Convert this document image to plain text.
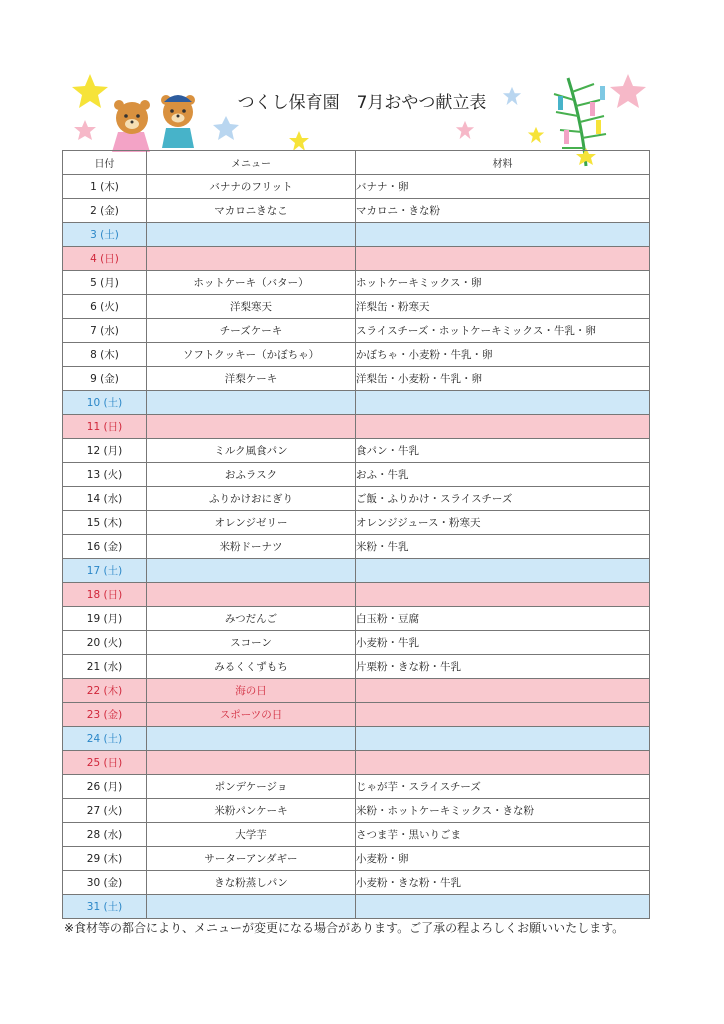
つくし保育園　7月おやつ献立表
日付	メニュー	材料
1 (木)	バナナのフリット	バナナ・卵
2 (金)	マカロニきなこ	マカロニ・きな粉
3 (土)		
4 (日)		
5 (月)	ホットケーキ（バター）	ホットケーキミックス・卵
6 (火)	洋梨寒天	洋梨缶・粉寒天
7 (水)	チーズケーキ	スライスチーズ・ホットケーキミックス・牛乳・卵
8 (木)	ソフトクッキー（かぼちゃ）	かぼちゃ・小麦粉・牛乳・卵
9 (金)	洋梨ケーキ	洋梨缶・小麦粉・牛乳・卵
10 (土)		
11 (日)		
12 (月)	ミルク風食パン	食パン・牛乳
13 (火)	おふラスク	おふ・牛乳
14 (水)	ふりかけおにぎり	ご飯・ふりかけ・スライスチーズ
15 (木)	オレンジゼリー	オレンジジュース・粉寒天
16 (金)	米粉ドーナツ	米粉・牛乳
17 (土)		
18 (日)		
19 (月)	みつだんご	白玉粉・豆腐
20 (火)	スコーン	小麦粉・牛乳
21 (水)	みるくくずもち	片栗粉・きな粉・牛乳
22 (木)	海の日	
23 (金)	スポーツの日	
24 (土)		
25 (日)		
26 (月)	ポンデケージョ	じゃが芋・スライスチーズ
27 (火)	米粉パンケーキ	米粉・ホットケーキミックス・きな粉
28 (水)	大学芋	さつま芋・黒いりごま
29 (木)	サーターアンダギー	小麦粉・卵
30 (金)	きな粉蒸しパン	小麦粉・きな粉・牛乳
31 (土)		
※食材等の都合により、メニューが変更になる場合があります。ご了承の程よろしくお願いいたします。
